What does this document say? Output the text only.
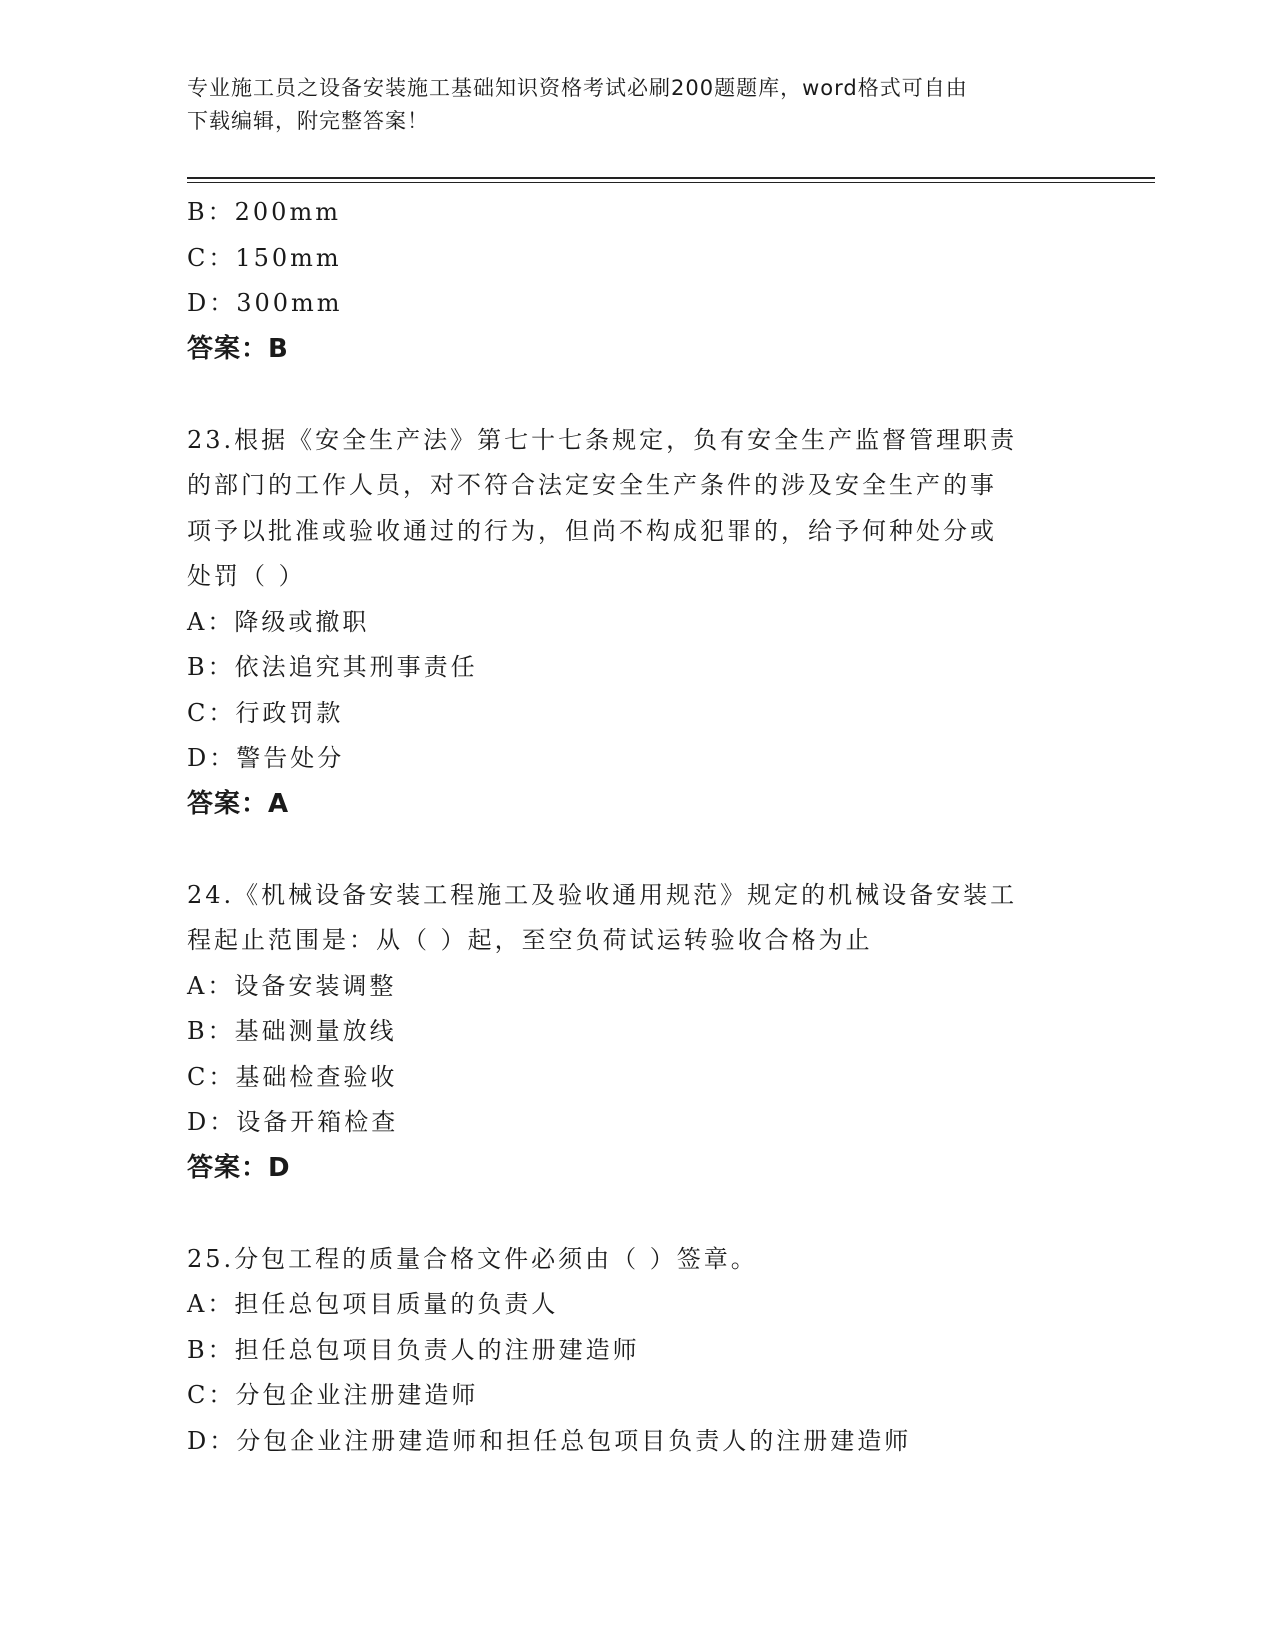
专业施工员之设备安装施工基础知识资格考试必刷200题题库，word格式可自由
下载编辑，附完整答案！
B：200mm
C：150mm
D：300mm
答案：B
23.根据《安全生产法》第七十七条规定，负有安全生产监督管理职责
的部门的工作人员，对不符合法定安全生产条件的涉及安全生产的事
项予以批准或验收通过的行为，但尚不构成犯罪的，给予何种处分或
处罚（ ）
A：降级或撤职
B：依法追究其刑事责任
C：行政罚款
D：警告处分
答案：A
24.《机械设备安装工程施工及验收通用规范》规定的机械设备安装工
程起止范围是：从（ ）起，至空负荷试运转验收合格为止
A：设备安装调整
B：基础测量放线
C：基础检查验收
D：设备开箱检查
答案：D
25.分包工程的质量合格文件必须由（ ）签章。
A：担任总包项目质量的负责人
B：担任总包项目负责人的注册建造师
C：分包企业注册建造师
D：分包企业注册建造师和担任总包项目负责人的注册建造师
